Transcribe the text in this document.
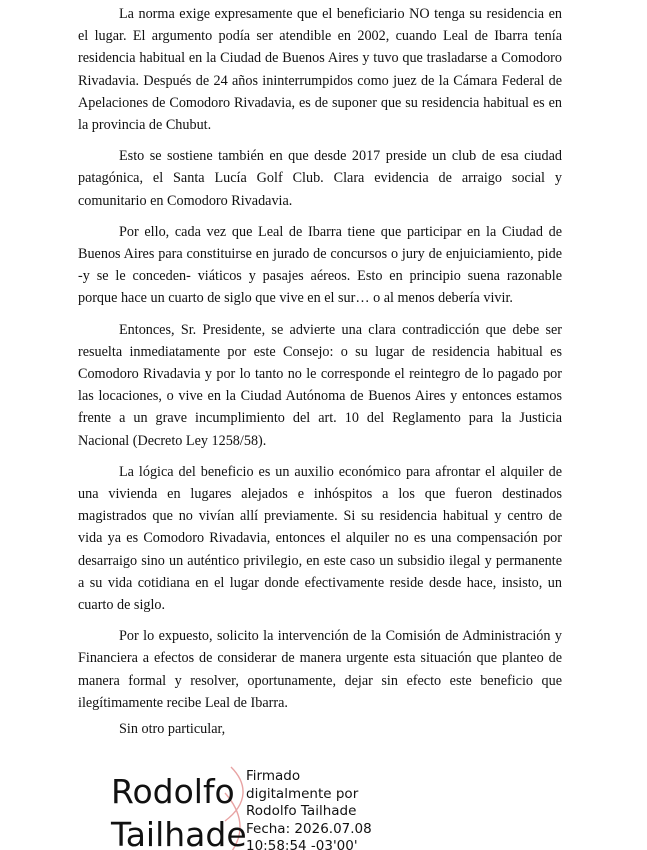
La norma exige expresamente que el beneficiario NO tenga su residencia en el lugar. El argumento podía ser atendible en 2002, cuando Leal de Ibarra tenía residencia habitual en la Ciudad de Buenos Aires y tuvo que trasladarse a Comodoro Rivadavia. Después de 24 años ininterrumpidos como juez de la Cámara Federal de Apelaciones de Comodoro Rivadavia, es de suponer que su residencia habitual es en la provincia de Chubut.

Esto se sostiene también en que desde 2017 preside un club de esa ciudad patagónica, el Santa Lucía Golf Club. Clara evidencia de arraigo social y comunitario en Comodoro Rivadavia.

Por ello, cada vez que Leal de Ibarra tiene que participar en la Ciudad de Buenos Aires para constituirse en jurado de concursos o jury de enjuiciamiento, pide -y se le conceden- viáticos y pasajes aéreos. Esto en principio suena razonable porque hace un cuarto de siglo que vive en el sur… o al menos debería vivir.

Entonces, Sr. Presidente, se advierte una clara contradicción que debe ser resuelta inmediatamente por este Consejo: o su lugar de residencia habitual es Comodoro Rivadavia y por lo tanto no le corresponde el reintegro de lo pagado por las locaciones, o vive en la Ciudad Autónoma de Buenos Aires y entonces estamos frente a un grave incumplimiento del art. 10 del Reglamento para la Justicia Nacional (Decreto Ley 1258/58).

La lógica del beneficio es un auxilio económico para afrontar el alquiler de una vivienda en lugares alejados e inhóspitos a los que fueron destinados magistrados que no vivían allí previamente. Si su residencia habitual y centro de vida ya es Comodoro Rivadavia, entonces el alquiler no es una compensación por desarraigo sino un auténtico privilegio, en este caso un subsidio ilegal y permanente a su vida cotidiana en el lugar donde efectivamente reside desde hace, insisto, un cuarto de siglo.

Por lo expuesto, solicito la intervención de la Comisión de Administración y Financiera a efectos de considerar de manera urgente esta situación que planteo de manera formal y resolver, oportunamente, dejar sin efecto este beneficio que ilegítimamente recibe Leal de Ibarra.

Sin otro particular,

Rodolfo

Tailhade

Firmado
digitalmente por
Rodolfo Tailhade
Fecha: 2026.07.08
10:58:54 -03'00'
